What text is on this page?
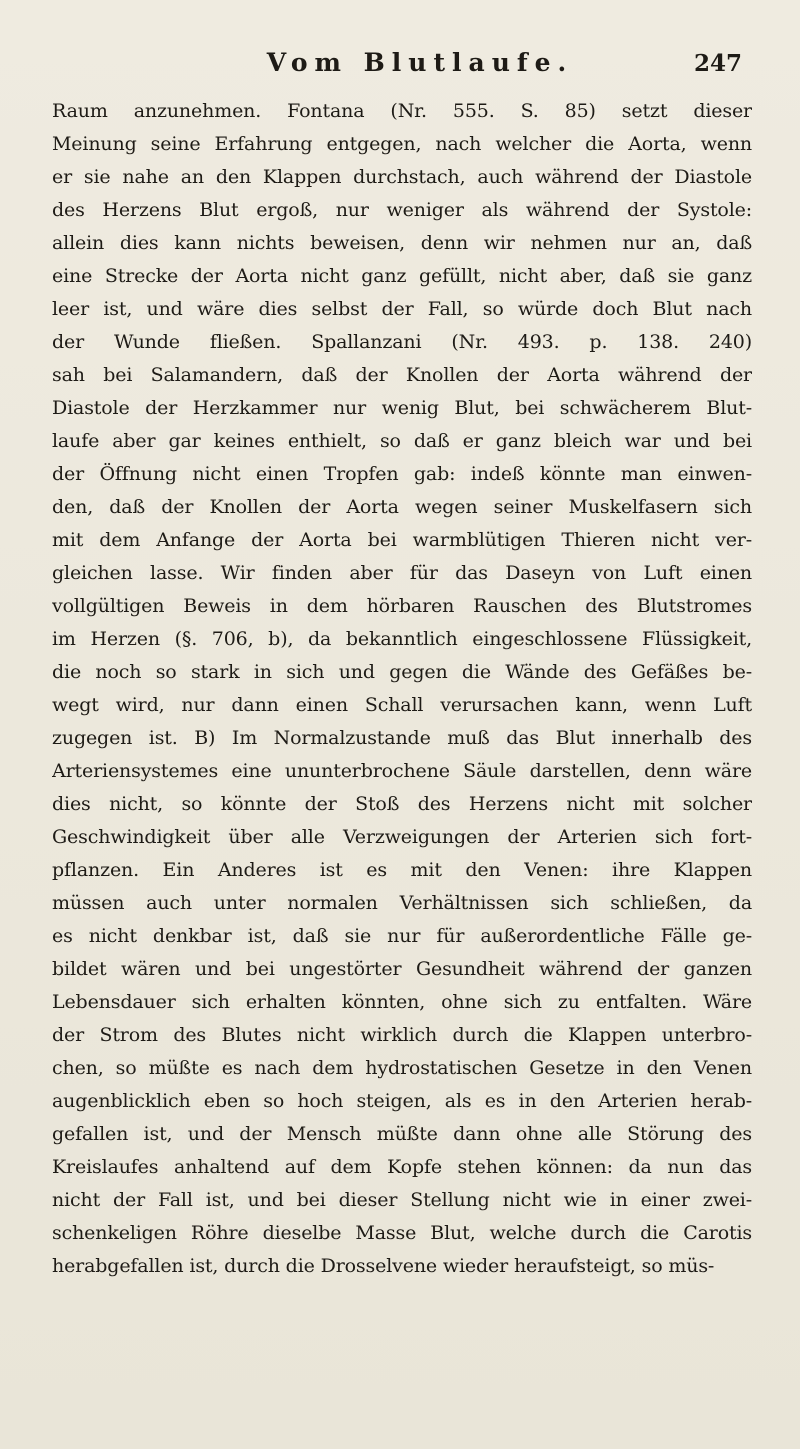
Vom Blutlaufe.	247
Raum anzunehmen. Fontana (Nr. 555. S. 85) setzt dieser
Meinung seine Erfahrung entgegen, nach welcher die Aorta, wenn
er sie nahe an den Klappen durchstach, auch während der Diastole
des Herzens Blut ergoß, nur weniger als während der Systole:
allein dies kann nichts beweisen, denn wir nehmen nur an, daß
eine Strecke der Aorta nicht ganz gefüllt, nicht aber, daß sie ganz
leer ist, und wäre dies selbst der Fall, so würde doch Blut nach
der Wunde fließen. Spallanzani (Nr. 493. p. 138. 240)
sah bei Salamandern, daß der Knollen der Aorta während der
Diastole der Herzkammer nur wenig Blut, bei schwächerem Blut-
laufe aber gar keines enthielt, so daß er ganz bleich war und bei
der Öffnung nicht einen Tropfen gab: indeß könnte man einwen-
den, daß der Knollen der Aorta wegen seiner Muskelfasern sich
mit dem Anfange der Aorta bei warmblütigen Thieren nicht ver-
gleichen lasse. Wir finden aber für das Daseyn von Luft einen
vollgültigen Beweis in dem hörbaren Rauschen des Blutstromes
im Herzen (§. 706, b), da bekanntlich eingeschlossene Flüssigkeit,
die noch so stark in sich und gegen die Wände des Gefäßes be-
wegt wird, nur dann einen Schall verursachen kann, wenn Luft
zugegen ist. B) Im Normalzustande muß das Blut innerhalb des
Arteriensystemes eine ununterbrochene Säule darstellen, denn wäre
dies nicht, so könnte der Stoß des Herzens nicht mit solcher
Geschwindigkeit über alle Verzweigungen der Arterien sich fort-
pflanzen. Ein Anderes ist es mit den Venen: ihre Klappen
müssen auch unter normalen Verhältnissen sich schließen, da
es nicht denkbar ist, daß sie nur für außerordentliche Fälle ge-
bildet wären und bei ungestörter Gesundheit während der ganzen
Lebensdauer sich erhalten könnten, ohne sich zu entfalten. Wäre
der Strom des Blutes nicht wirklich durch die Klappen unterbro-
chen, so müßte es nach dem hydrostatischen Gesetze in den Venen
augenblicklich eben so hoch steigen, als es in den Arterien herab-
gefallen ist, und der Mensch müßte dann ohne alle Störung des
Kreislaufes anhaltend auf dem Kopfe stehen können: da nun das
nicht der Fall ist, und bei dieser Stellung nicht wie in einer zwei-
schenkeligen Röhre dieselbe Masse Blut, welche durch die Carotis
herabgefallen ist, durch die Drosselvene wieder heraufsteigt, so müs-
